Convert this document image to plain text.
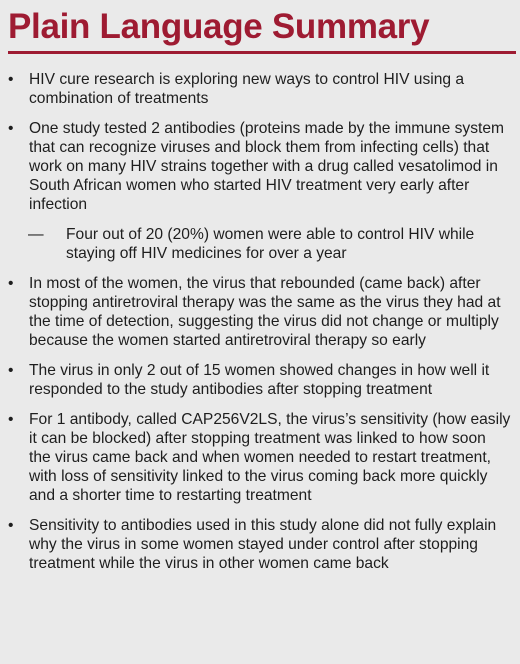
Plain Language Summary
• HIV cure research is exploring new ways to control HIV using a combination of treatments
• One study tested 2 antibodies (proteins made by the immune system that can recognize viruses and block them from infecting cells) that work on many HIV strains together with a drug called vesatolimod in South African women who started HIV treatment very early after infection
— Four out of 20 (20%) women were able to control HIV while staying off HIV medicines for over a year
• In most of the women, the virus that rebounded (came back) after stopping antiretroviral therapy was the same as the virus they had at the time of detection, suggesting the virus did not change or multiply because the women started antiretroviral therapy so early
• The virus in only 2 out of 15 women showed changes in how well it responded to the study antibodies after stopping treatment
• For 1 antibody, called CAP256V2LS, the virus’s sensitivity (how easily it can be blocked) after stopping treatment was linked to how soon the virus came back and when women needed to restart treatment, with loss of sensitivity linked to the virus coming back more quickly and a shorter time to restarting treatment
• Sensitivity to antibodies used in this study alone did not fully explain why the virus in some women stayed under control after stopping treatment while the virus in other women came back
